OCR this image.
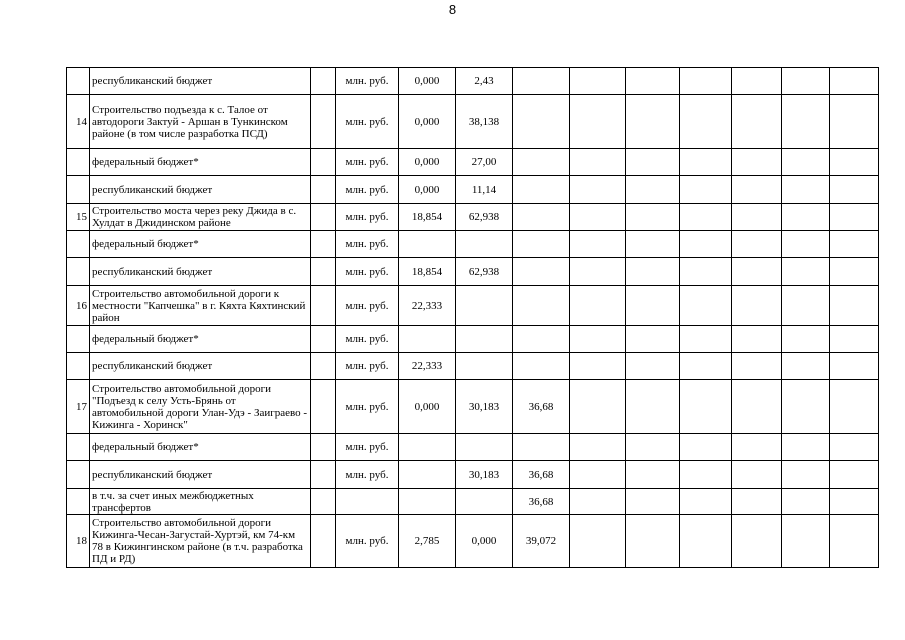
8
	республиканский бюджет		млн. руб.	0,000	2,43							
14	Строительство подъезда к с. Талое от автодороги Зактуй - Аршан в Тункинском районе (в том числе разработка ПСД)		млн. руб.	0,000	38,138							
	федеральный бюджет*		млн. руб.	0,000	27,00							
	республиканский бюджет		млн. руб.	0,000	11,14							
15	Строительство моста через реку Джида в с. Хулдат в Джидинском районе		млн. руб.	18,854	62,938							
	федеральный бюджет*		млн. руб.									
	республиканский бюджет		млн. руб.	18,854	62,938							
16	Строительство автомобильной дороги к местности "Капчешка" в г. Кяхта Кяхтинский район		млн. руб.	22,333								
	федеральный бюджет*		млн. руб.									
	республиканский бюджет		млн. руб.	22,333								
17	Строительство автомобильной дороги "Подъезд к селу Усть-Брянь от автомобильной дороги Улан-Удэ - Заиграево - Кижинга - Хоринск"		млн. руб.	0,000	30,183	36,68						
	федеральный бюджет*		млн. руб.									
	республиканский бюджет		млн. руб.		30,183	36,68						
	в т.ч. за счет иных межбюджетных трансфертов					36,68						
18	Строительство автомобильной дороги Кижинга-Чесан-Загустай-Хуртэй, км 74-км 78 в Кижингинском районе (в т.ч. разработка ПД и РД)		млн. руб.	2,785	0,000	39,072						
